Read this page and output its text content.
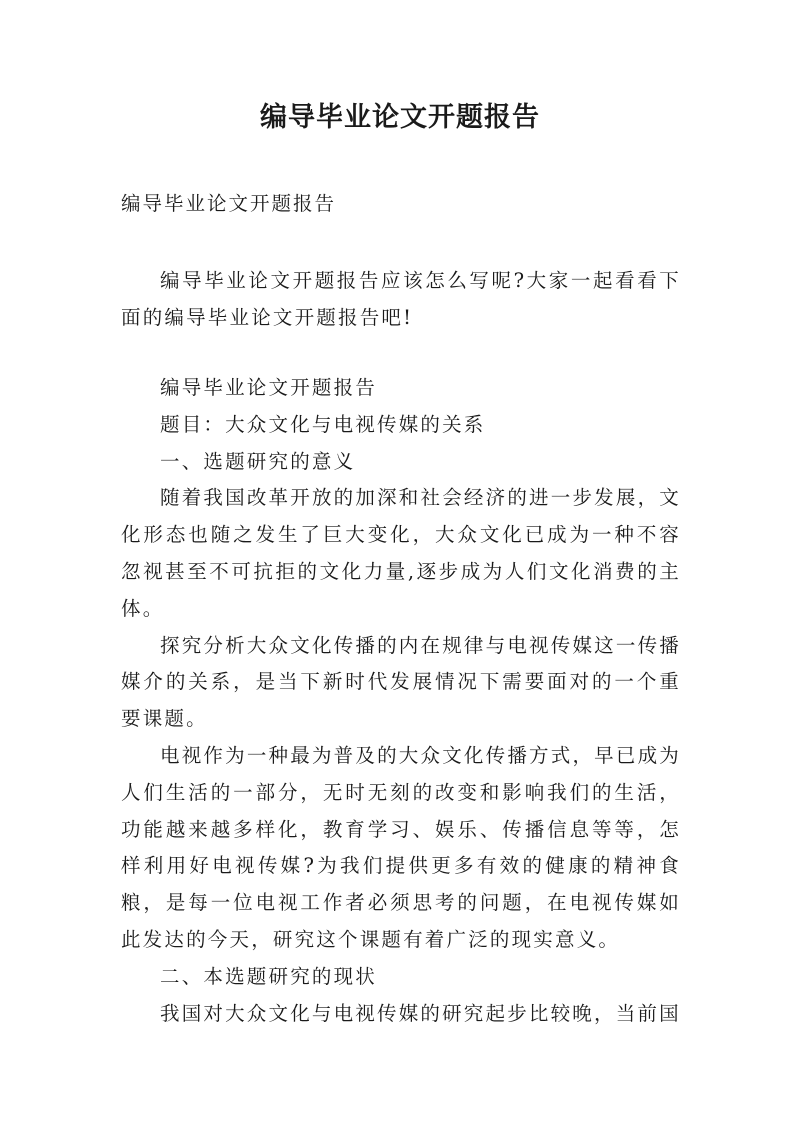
编导毕业论文开题报告
编导毕业论文开题报告

编导毕业论文开题报告应该怎么写呢?大家一起看看下面的编导毕业论文开题报告吧!

编导毕业论文开题报告

题目：大众文化与电视传媒的关系

一、选题研究的意义

随着我国改革开放的加深和社会经济的进一步发展，文化形态也随之发生了巨大变化，大众文化已成为一种不容忽视甚至不可抗拒的文化力量,逐步成为人们文化消费的主体。

探究分析大众文化传播的内在规律与电视传媒这一传播媒介的关系，是当下新时代发展情况下需要面对的一个重要课题。

电视作为一种最为普及的大众文化传播方式，早已成为人们生活的一部分，无时无刻的改变和影响我们的生活，功能越来越多样化，教育学习、娱乐、传播信息等等，怎样利用好电视传媒?为我们提供更多有效的健康的精神食粮，是每一位电视工作者必须思考的问题，在电视传媒如此发达的今天，研究这个课题有着广泛的现实意义。

二、本选题研究的现状

我国对大众文化与电视传媒的研究起步比较晚，当前国
